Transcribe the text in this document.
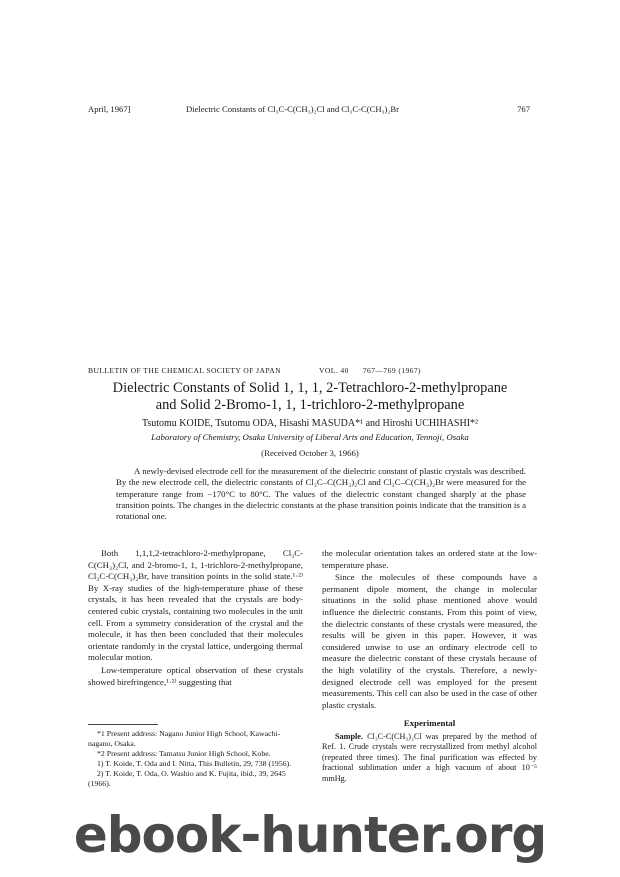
April, 1967]	Dielectric Constants of Cl₃C-C(CH₃)₂Cl and Cl₃C-C(CH₃)₂Br	767
BULLETIN OF THE CHEMICAL SOCIETY OF JAPAN	VOL. 40 767—769 (1967)
Dielectric Constants of Solid 1, 1, 1, 2-Tetrachloro-2-methylpropane
and Solid 2-Bromo-1, 1, 1-trichloro-2-methylpropane
Tsutomu KOIDE, Tsutomu ODA, Hisashi MASUDA*¹ and Hiroshi UCHIHASHI*²
Laboratory of Chemistry, Osaka University of Liberal Arts and Education, Tennoji, Osaka
(Received October 3, 1966)

A newly-devised electrode cell for the measurement of the dielectric constant of plastic crystals was described. By the new electrode cell, the dielectric constants of Cl₃C–C(CH₃)₂Cl and Cl₃C–C(CH₃)₂Br were measured for the temperature range from −170°C to 80°C. The values of the dielectric constant changed sharply at the phase transition points. The changes in the dielectric constants at the phase transition points indicate that the transition is a rotational one.

Both 1,1,1,2-tetrachloro-2-methylpropane, Cl₃C-C(CH₃)₂Cl, and 2-bromo-1, 1, 1-trichloro-2-methylpropane, Cl₃C-C(CH₃)₂Br, have transition points in the solid state.¹·²⁾ By X-ray studies of the high-temperature phase of these crystals, it has been revealed that the crystals are body-centered cubic crystals, containing two molecules in the unit cell. From a symmetry consideration of the crystal and the molecule, it has then been concluded that their molecules orientate randomly in the crystal lattice, undergoing thermal molecular motion.

Low-temperature optical observation of these crystals showed birefringence,¹·²⁾ suggesting that

*1 Present address: Nagano Junior High School, Kawachi-nagano, Osaka.
*2 Present address: Tamatsu Junior High School, Kobe.
1) T. Koide, T. Oda and I. Nitta, This Bulletin, 29, 738 (1956).
2) T. Koide, T. Oda, O. Washio and K. Fujita, ibid., 39, 2645 (1966).

the molecular orientation takes an ordered state at the low-temperature phase.

Since the molecules of these compounds have a permanent dipole moment, the change in molecular situations in the solid phase mentioned above would influence the dielectric constants. From this point of view, the dielectric constants of these crystals were measured, the results will be given in this paper. However, it was considered unwise to use an ordinary electrode cell to measure the dielectric constant of these crystals because of the high volatility of the crystals. Therefore, a newly-designed electrode cell was employed for the present measurements. This cell can also be used in the case of other plastic crystals.

Experimental

Sample. Cl₃C-C(CH₃)₂Cl was prepared by the method of Ref. 1. Crude crystals were recrystallized from methyl alcohol (repeated three times). The final purification was effected by fractional sublimation under a high vacuum of about 10⁻⁵ mmHg.

ebook-hunter.org
